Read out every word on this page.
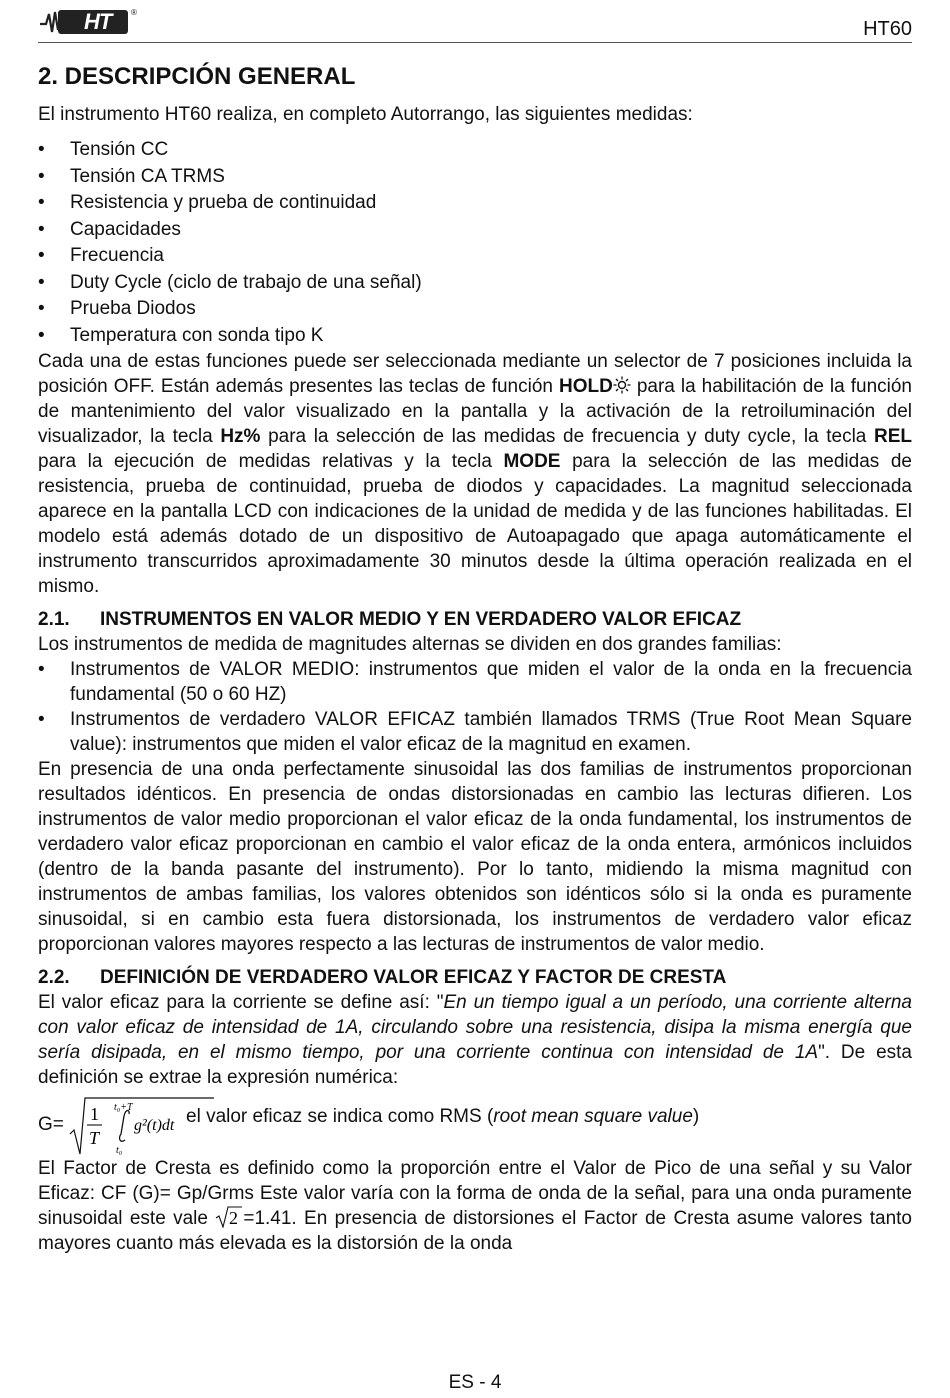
HT ®
HT60
2. DESCRIPCIÓN GENERAL

El instrumento HT60 realiza, en completo Autorrango, las siguientes medidas:

• Tensión CC
• Tensión CA TRMS
• Resistencia y prueba de continuidad
• Capacidades
• Frecuencia
• Duty Cycle (ciclo de trabajo de una señal)
• Prueba Diodos
• Temperatura con sonda tipo K

Cada una de estas funciones puede ser seleccionada mediante un selector de 7 posiciones incluida la posición OFF. Están además presentes las teclas de función HOLD para la habilitación de la función de mantenimiento del valor visualizado en la pantalla y la activación de la retroiluminación del visualizador, la tecla Hz% para la selección de las medidas de frecuencia y duty cycle, la tecla REL para la ejecución de medidas relativas y la tecla MODE para la selección de las medidas de resistencia, prueba de continuidad, prueba de diodos y capacidades. La magnitud seleccionada aparece en la pantalla LCD con indicaciones de la unidad de medida y de las funciones habilitadas. El modelo está además dotado de un dispositivo de Autoapagado que apaga automáticamente el instrumento transcurridos aproximadamente 30 minutos desde la última operación realizada en el mismo.

2.1. INSTRUMENTOS EN VALOR MEDIO Y EN VERDADERO VALOR EFICAZ

Los instrumentos de medida de magnitudes alternas se dividen en dos grandes familias:

• Instrumentos de VALOR MEDIO: instrumentos que miden el valor de la onda en la frecuencia fundamental (50 o 60 HZ)
• Instrumentos de verdadero VALOR EFICAZ también llamados TRMS (True Root Mean Square value): instrumentos que miden el valor eficaz de la magnitud en examen.

En presencia de una onda perfectamente sinusoidal las dos familias de instrumentos proporcionan resultados idénticos. En presencia de ondas distorsionadas en cambio las lecturas difieren. Los instrumentos de valor medio proporcionan el valor eficaz de la onda fundamental, los instrumentos de verdadero valor eficaz proporcionan en cambio el valor eficaz de la onda entera, armónicos incluidos (dentro de la banda pasante del instrumento). Por lo tanto, midiendo la misma magnitud con instrumentos de ambas familias, los valores obtenidos son idénticos sólo si la onda es puramente sinusoidal, si en cambio esta fuera distorsionada, los instrumentos de verdadero valor eficaz proporcionan valores mayores respecto a las lecturas de instrumentos de valor medio.

2.2. DEFINICIÓN DE VERDADERO VALOR EFICAZ Y FACTOR DE CRESTA

El valor eficaz para la corriente se define así: "En un tiempo igual a un período, una corriente alterna con valor eficaz de intensidad de 1A, circulando sobre una resistencia, disipa la misma energía que sería disipada, en el mismo tiempo, por una corriente continua con intensidad de 1A". De esta definición se extrae la expresión numérica:

G= 1
T
t₀+T
t₀
g²(t)dt el valor eficaz se indica como RMS (root mean square value)

El Factor de Cresta es definido como la proporción entre el Valor de Pico de una señal y su Valor Eficaz: CF (G)= Gp/Grms Este valor varía con la forma de onda de la señal, para una onda puramente sinusoidal este vale 2 =1.41. En presencia de distorsiones el Factor de Cresta asume valores tanto mayores cuanto más elevada es la distorsión de la onda

ES - 4
